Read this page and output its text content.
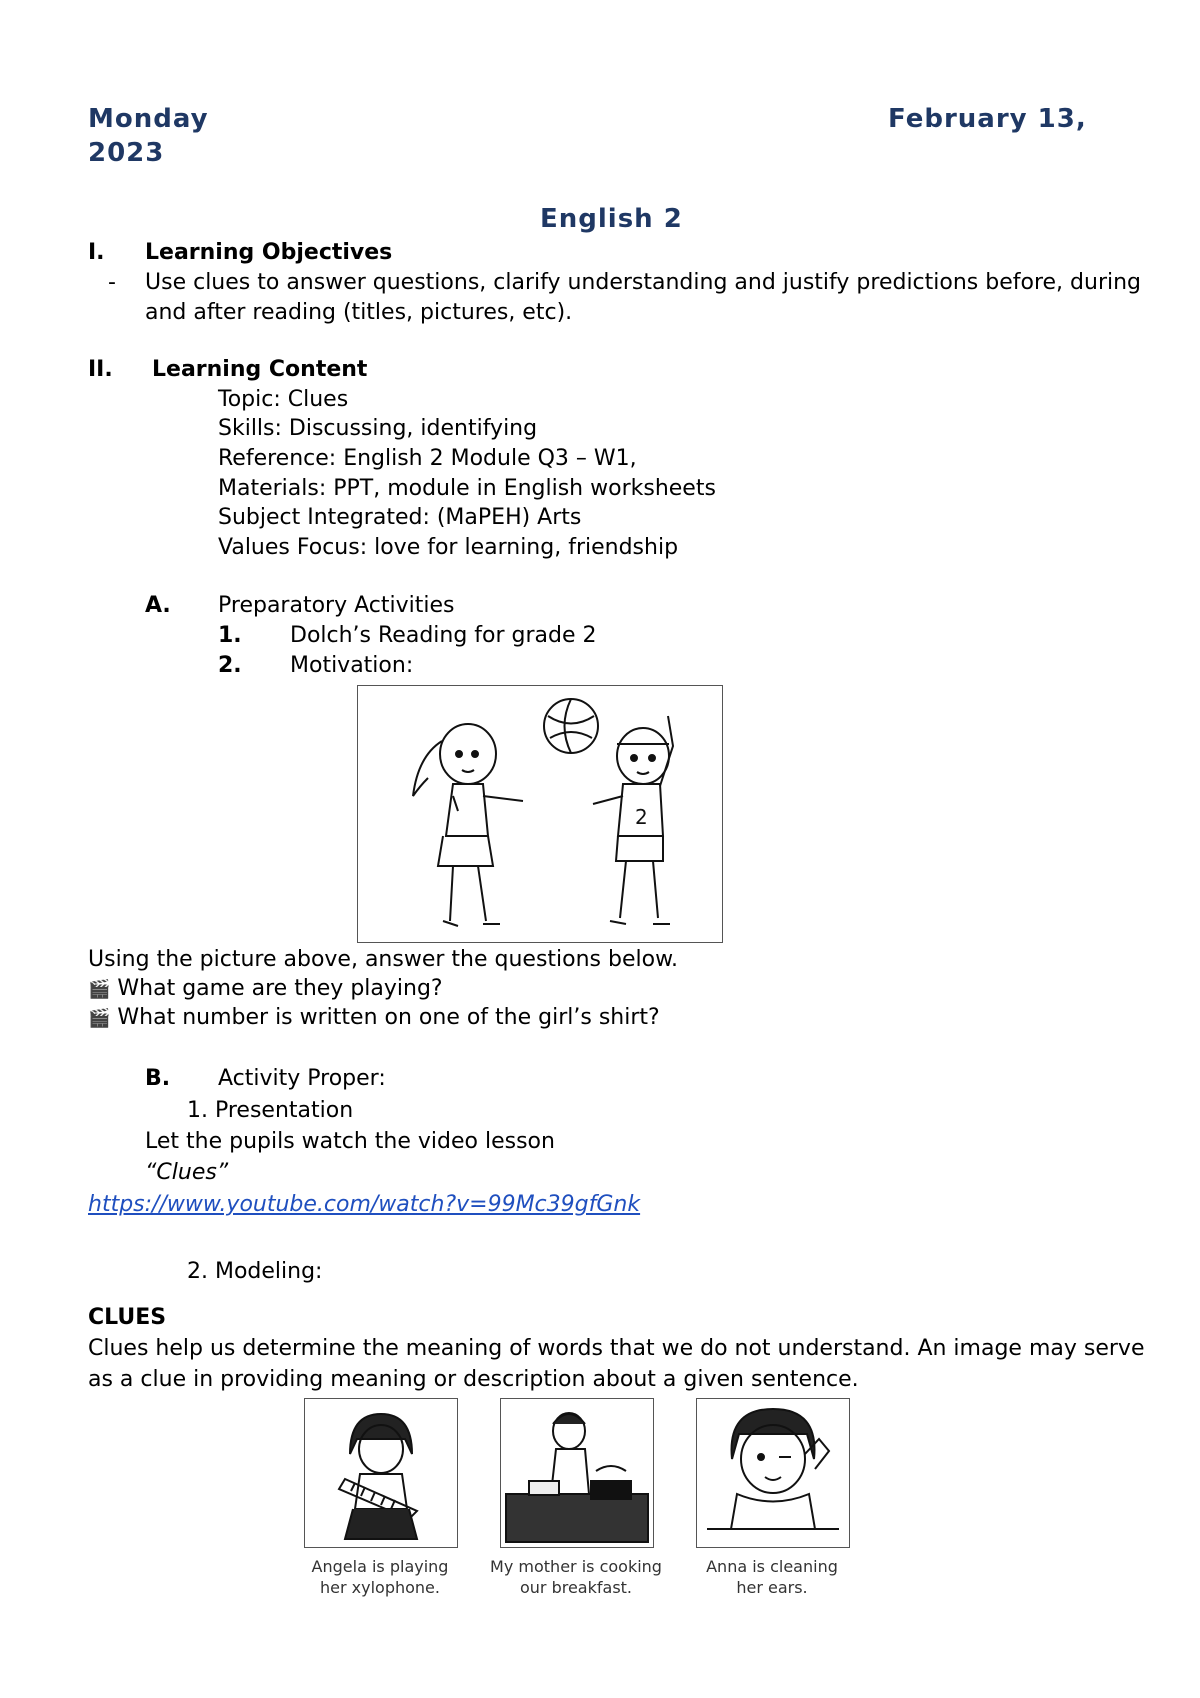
Monday	February 13,
2023
English 2
I. Learning Objectives
- Use clues to answer questions, clarify understanding and justify predictions before, during
and after reading (titles, pictures, etc).
II. Learning Content
Topic: Clues
Skills: Discussing, identifying
Reference: English 2 Module Q3 – W1,
Materials: PPT, module in English worksheets
Subject Integrated: (MaPEH) Arts
Values Focus: love for learning, friendship
A. Preparatory Activities
1. Dolch’s Reading for grade 2
2. Motivation:
2
Using the picture above, answer the questions below.
🎬 What game are they playing?
🎬 What number is written on one of the girl’s shirt?
B. Activity Proper:
1. Presentation
Let the pupils watch the video lesson
“Clues”
https://www.youtube.com/watch?v=99Mc39gfGnk
2. Modeling:
CLUES
Clues help us determine the meaning of words that we do not understand. An image may serve
as a clue in providing meaning or description about a given sentence.
Angela is playing
her xylophone.
My mother is cooking
our breakfast.
Anna is cleaning
her ears.
